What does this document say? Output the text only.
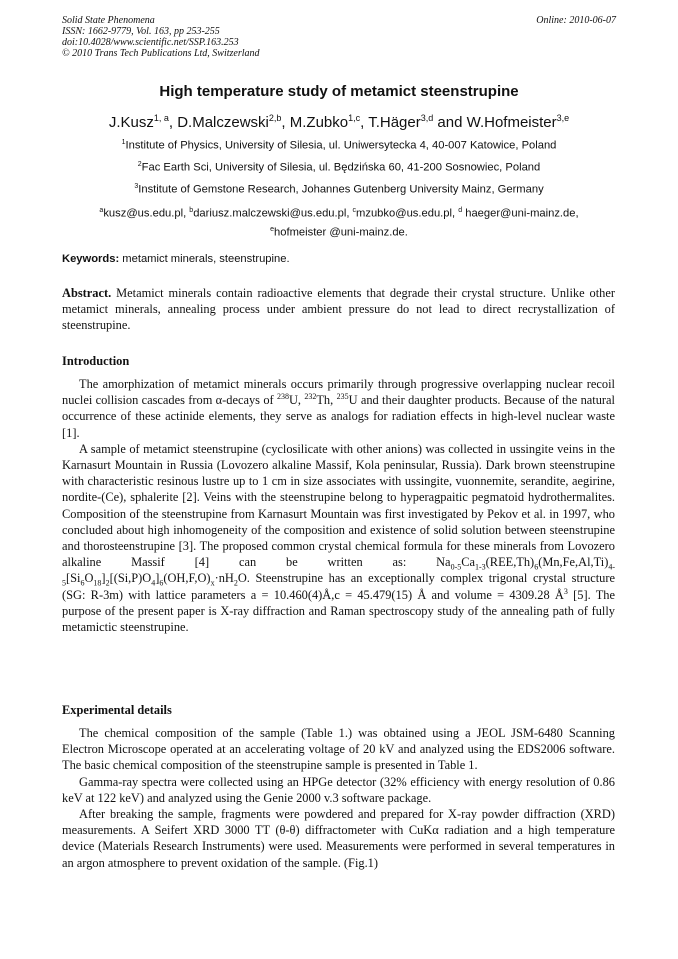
Solid State Phenomena
ISSN: 1662-9779, Vol. 163, pp 253-255
doi:10.4028/www.scientific.net/SSP.163.253
© 2010 Trans Tech Publications Ltd, Switzerland
Online: 2010-06-07
High temperature study of metamict steenstrupine
J.Kusz$^{1, a}$, D.Malczewski$^{2,b}$, M.Zubko$^{1,c}$, T.Häger$^{3,d}$ and W.Hofmeister$^{3,e}$
$^1$Institute of Physics, University of Silesia, ul. Uniwersytecka 4, 40-007 Katowice, Poland
$^2$Fac Earth Sci, University of Silesia, ul. Będzińska 60, 41-200 Sosnowiec, Poland
$^3$Institute of Gemstone Research, Johannes Gutenberg University Mainz, Germany
$^a$kusz@us.edu.pl, $^b$dariusz.malczewski@us.edu.pl, $^c$mzubko@us.edu.pl, $^d$ haeger@uni-mainz.de,
$^e$hofmeister @uni-mainz.de.
Keywords: metamict minerals, steenstrupine.

Abstract. Metamict minerals contain radioactive elements that degrade their crystal structure. Unlike other metamict minerals, annealing process under ambient pressure do not lead to direct recrystallization of steenstrupine.

Introduction

The amorphization of metamict minerals occurs primarily through progressive overlapping nuclear recoil nuclei collision cascades from α-decays of $^{238}$U, $^{232}$Th, $^{235}$U and their daughter products. Because of the natural occurrence of these actinide elements, they serve as analogs for radiation effects in high-level nuclear waste [1].

A sample of metamict steenstrupine (cyclosilicate with other anions) was collected in ussingite veins in the Karnasurt Mountain in Russia (Lovozero alkaline Massif, Kola peninsular, Russia). Dark brown steenstrupine with characteristic resinous lustre up to 1 cm in size associates with ussingite, vuonnemite, serandite, aegirine, nordite-(Ce), sphalerite [2]. Veins with the steenstrupine belong to hyperagpaitic pegmatoid hydrothermalites. Composition of the steenstrupine from Karnasurt Mountain was first investigated by Pekov et al. in 1997, who concluded about high inhomogeneity of the composition and existence of solid solution between steenstrupine and thorosteenstrupine [3]. The proposed common crystal chemical formula for these minerals from Lovozero alkaline Massif [4] can be written as: $Na_{0-5}Ca_{1-3}(REE,Th)_6(Mn,Fe,Al,Ti)_{4-5}[Si_6O_{18}]_2[(Si,P)O_4]_6(OH,F,O)_x\cdot nH_2O$. Steenstrupine has an exceptionally complex trigonal crystal structure (SG: R-3m) with lattice parameters a = 10.460(4)Å,c = 45.479(15) Å and volume = 4309.28 $Å^3$ [5]. The purpose of the present paper is X-ray diffraction and Raman spectroscopy study of the annealing path of fully metamictic steenstrupine.

Experimental details

The chemical composition of the sample (Table 1.) was obtained using a JEOL JSM-6480 Scanning Electron Microscope operated at an accelerating voltage of 20 kV and analyzed using the EDS2006 software. The basic chemical composition of the steenstrupine sample is presented in Table 1.

Gamma-ray spectra were collected using an HPGe detector (32% efficiency with energy resolution of 0.86 keV at 122 keV) and analyzed using the Genie 2000 v.3 software package.

After breaking the sample, fragments were powdered and prepared for X-ray powder diffraction (XRD) measurements. A Seifert XRD 3000 TT (θ-θ) diffractometer with CuKα radiation and a high temperature device (Materials Research Instruments) were used. Measurements were performed in several temperatures in an argon atmosphere to prevent oxidation of the sample. (Fig.1)
